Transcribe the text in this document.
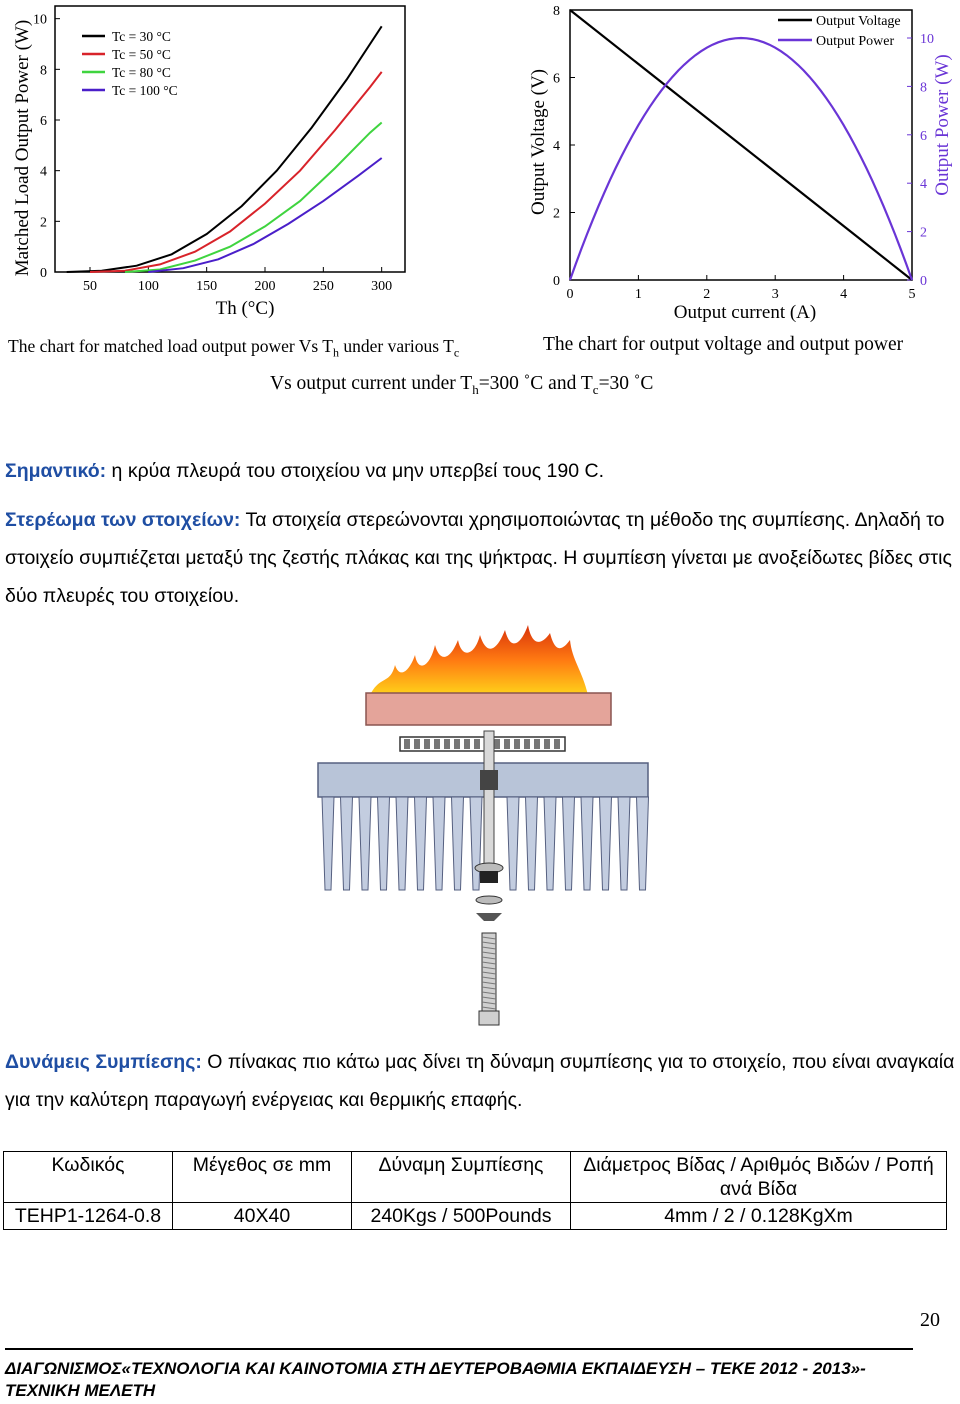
Matched Load Output Power (W)
50	100	150	200	250	300
0
2
4
6
8
10
Tc = 30 °C
Tc = 50 °C
Tc = 80 °C
Tc = 100 °C
Th (°C)
Output Voltage (V)	Output Power (W)
0	1	2	3	4	5
0
2
4
6
8
0
2
4
6
8
10
Output Voltage
Output Power
Output current (A)
The chart for matched load output power Vs $T_h$ under various $T_c$	The chart for output voltage and output power
Vs output current under $T_h=300$ ˚C and $T_c=30$ ˚C
Σημαντικό: η κρύα πλευρά του στοιχείου να μην υπερβεί τους 190 C.
Στερέωμα των στοιχείων: Τα στοιχεία στερεώνονται χρησιμοποιώντας τη μέθοδο της συμπίεσης. Δηλαδή το στοιχείο συμπιέζεται μεταξύ της ζεστής πλάκας και της ψήκτρας. Η συμπίεση γίνεται με ανοξείδωτες βίδες στις δύο πλευρές του στοιχείου.
Δυνάμεις Συμπίεσης: Ο πίνακας πιο κάτω μας δίνει τη δύναμη συμπίεσης για το στοιχείο, που είναι αναγκαία για την καλύτερη παραγωγή ενέργειας και θερμικής επαφής.
Κωδικός	Μέγεθος σε mm	Δύναμη Συμπίεσης	Διάμετρος Βίδας / Αριθμός Βιδών / Ροπή ανά Βίδα
TEHP1-1264-0.8	40X40	240Kgs / 500Pounds	4mm / 2 / 0.128KgXm
20
ΔΙΑΓΩΝΙΣΜΟΣ«ΤΕΧΝΟΛΟΓΙΑ ΚΑΙ ΚΑΙΝΟΤΟΜΙΑ ΣΤΗ ΔΕΥΤΕΡΟΒΑΘΜΙΑ ΕΚΠΑΙΔΕΥΣΗ – ΤΕΚΕ 2012 - 2013»- ΤΕΧΝΙΚΗ ΜΕΛΕΤΗ
